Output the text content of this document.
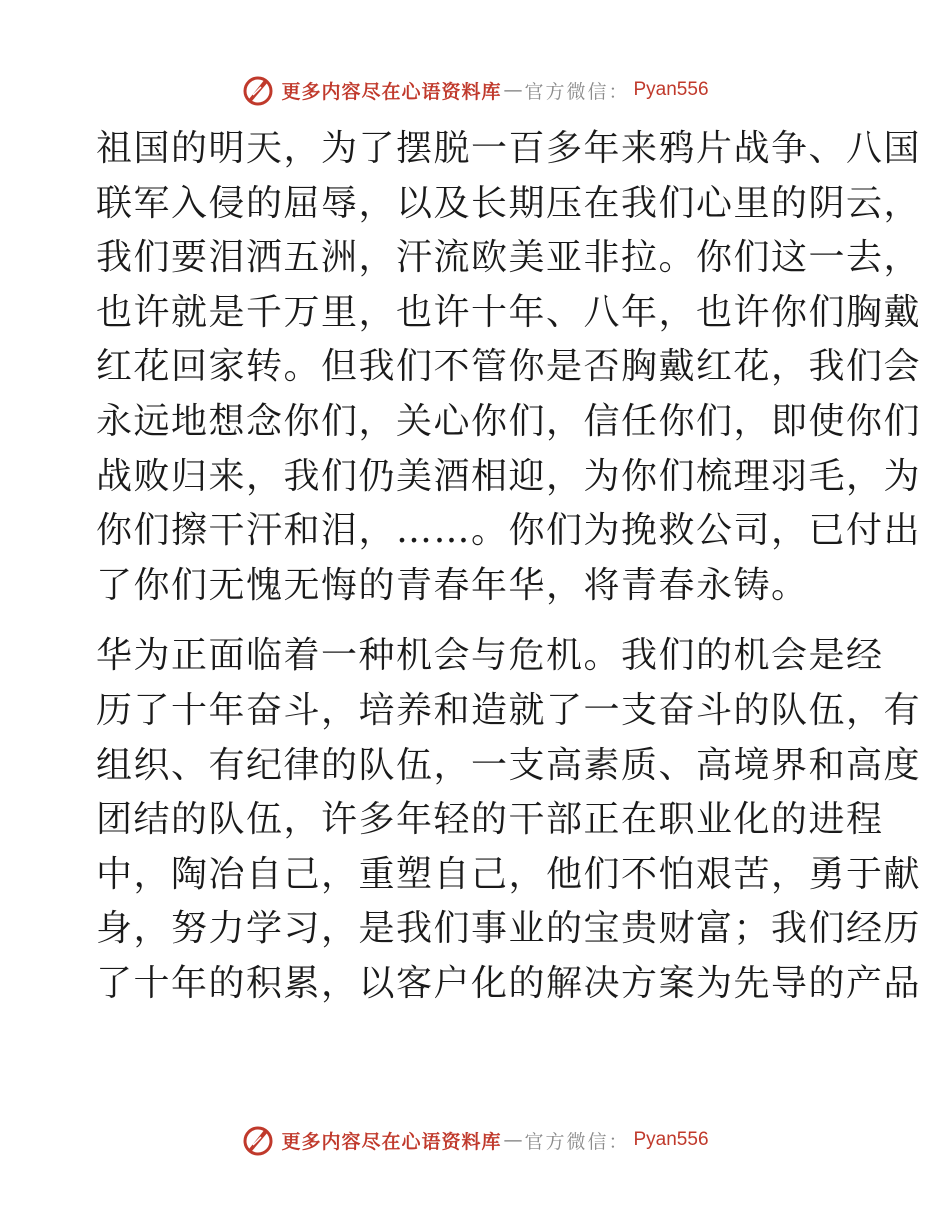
更多内容尽在心语资料库 — 官方微信： Pyan556
祖国的明天，为了摆脱一百多年来鸦片战争、八国
联军入侵的屈辱，以及长期压在我们心里的阴云，
我们要泪洒五洲，汗流欧美亚非拉。你们这一去，
也许就是千万里，也许十年、八年，也许你们胸戴
红花回家转。但我们不管你是否胸戴红花，我们会
永远地想念你们，关心你们，信任你们，即使你们
战败归来，我们仍美酒相迎，为你们梳理羽毛，为
你们擦干汗和泪，……。你们为挽救公司，已付出
了你们无愧无悔的青春年华，将青春永铸。
华为正面临着一种机会与危机。我们的机会是经
历了十年奋斗，培养和造就了一支奋斗的队伍，有
组织、有纪律的队伍，一支高素质、高境界和高度
团结的队伍，许多年轻的干部正在职业化的进程
中，陶冶自己，重塑自己，他们不怕艰苦，勇于献
身，努力学习，是我们事业的宝贵财富；我们经历
了十年的积累，以客户化的解决方案为先导的产品
更多内容尽在心语资料库 — 官方微信： Pyan556
